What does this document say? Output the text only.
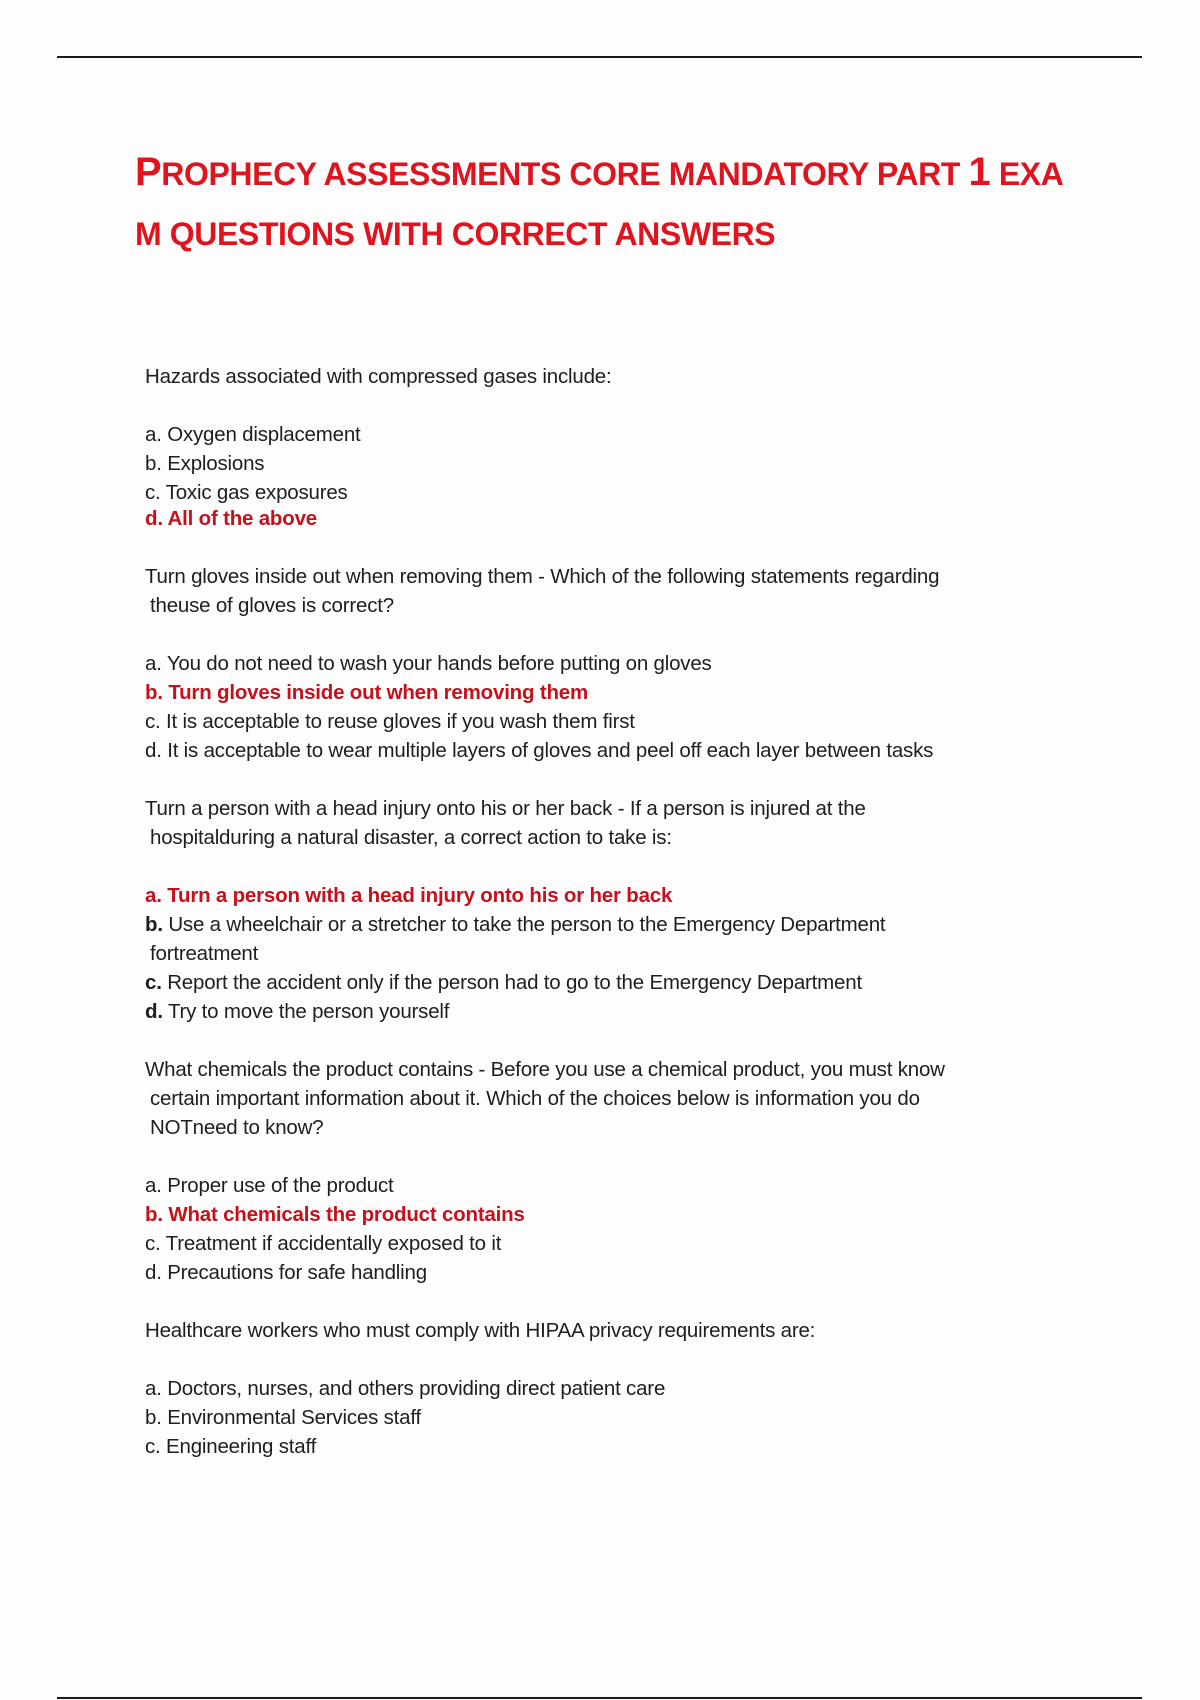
PROPHECY ASSESSMENTS CORE MANDATORY PART 1 EXA
M QUESTIONS WITH CORRECT ANSWERS

Hazards associated with compressed gases include:

a. Oxygen displacement
b. Explosions
c. Toxic gas exposures
d. All of the above

Turn gloves inside out when removing them - Which of the following statements regarding
theuse of gloves is correct?

a. You do not need to wash your hands before putting on gloves
b. Turn gloves inside out when removing them
c. It is acceptable to reuse gloves if you wash them first
d. It is acceptable to wear multiple layers of gloves and peel off each layer between tasks

Turn a person with a head injury onto his or her back - If a person is injured at the
hospitalduring a natural disaster, a correct action to take is:

a. Turn a person with a head injury onto his or her back
b. Use a wheelchair or a stretcher to take the person to the Emergency Department
fortreatment
c. Report the accident only if the person had to go to the Emergency Department
d. Try to move the person yourself

What chemicals the product contains - Before you use a chemical product, you must know
certain important information about it. Which of the choices below is information you do
NOTneed to know?

a. Proper use of the product
b. What chemicals the product contains
c. Treatment if accidentally exposed to it
d. Precautions for safe handling

Healthcare workers who must comply with HIPAA privacy requirements are:

a. Doctors, nurses, and others providing direct patient care
b. Environmental Services staff
c. Engineering staff
